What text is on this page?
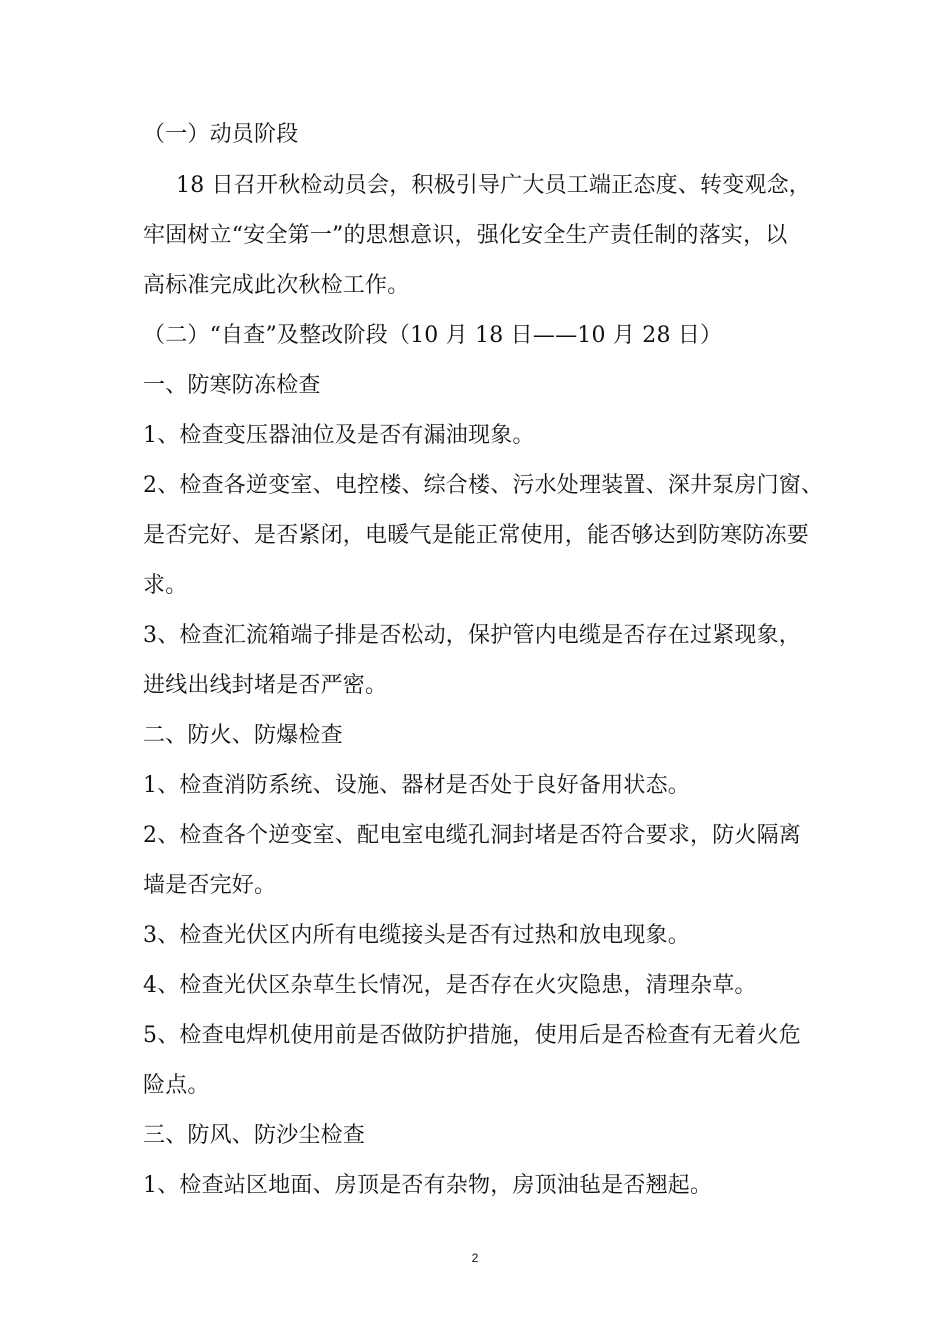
（一）动员阶段
18 日召开秋检动员会，积极引导广大员工端正态度、转变观念，
牢固树立“安全第一”的思想意识，强化安全生产责任制的落实，以
高标准完成此次秋检工作。
（二）“自查”及整改阶段（10 月 18 日——10 月 28 日）
一、防寒防冻检查
1、检查变压器油位及是否有漏油现象。
2、检查各逆变室、电控楼、综合楼、污水处理装置、深井泵房门窗、
是否完好、是否紧闭，电暖气是能正常使用，能否够达到防寒防冻要
求。
3、检查汇流箱端子排是否松动，保护管内电缆是否存在过紧现象，
进线出线封堵是否严密。
二、防火、防爆检查
1、检查消防系统、设施、器材是否处于良好备用状态。
2、检查各个逆变室、配电室电缆孔洞封堵是否符合要求，防火隔离
墙是否完好。
3、检查光伏区内所有电缆接头是否有过热和放电现象。
4、检查光伏区杂草生长情况，是否存在火灾隐患，清理杂草。
5、检查电焊机使用前是否做防护措施，使用后是否检查有无着火危
险点。
三、防风、防沙尘检查
1、检查站区地面、房顶是否有杂物，房顶油毡是否翘起。
2
